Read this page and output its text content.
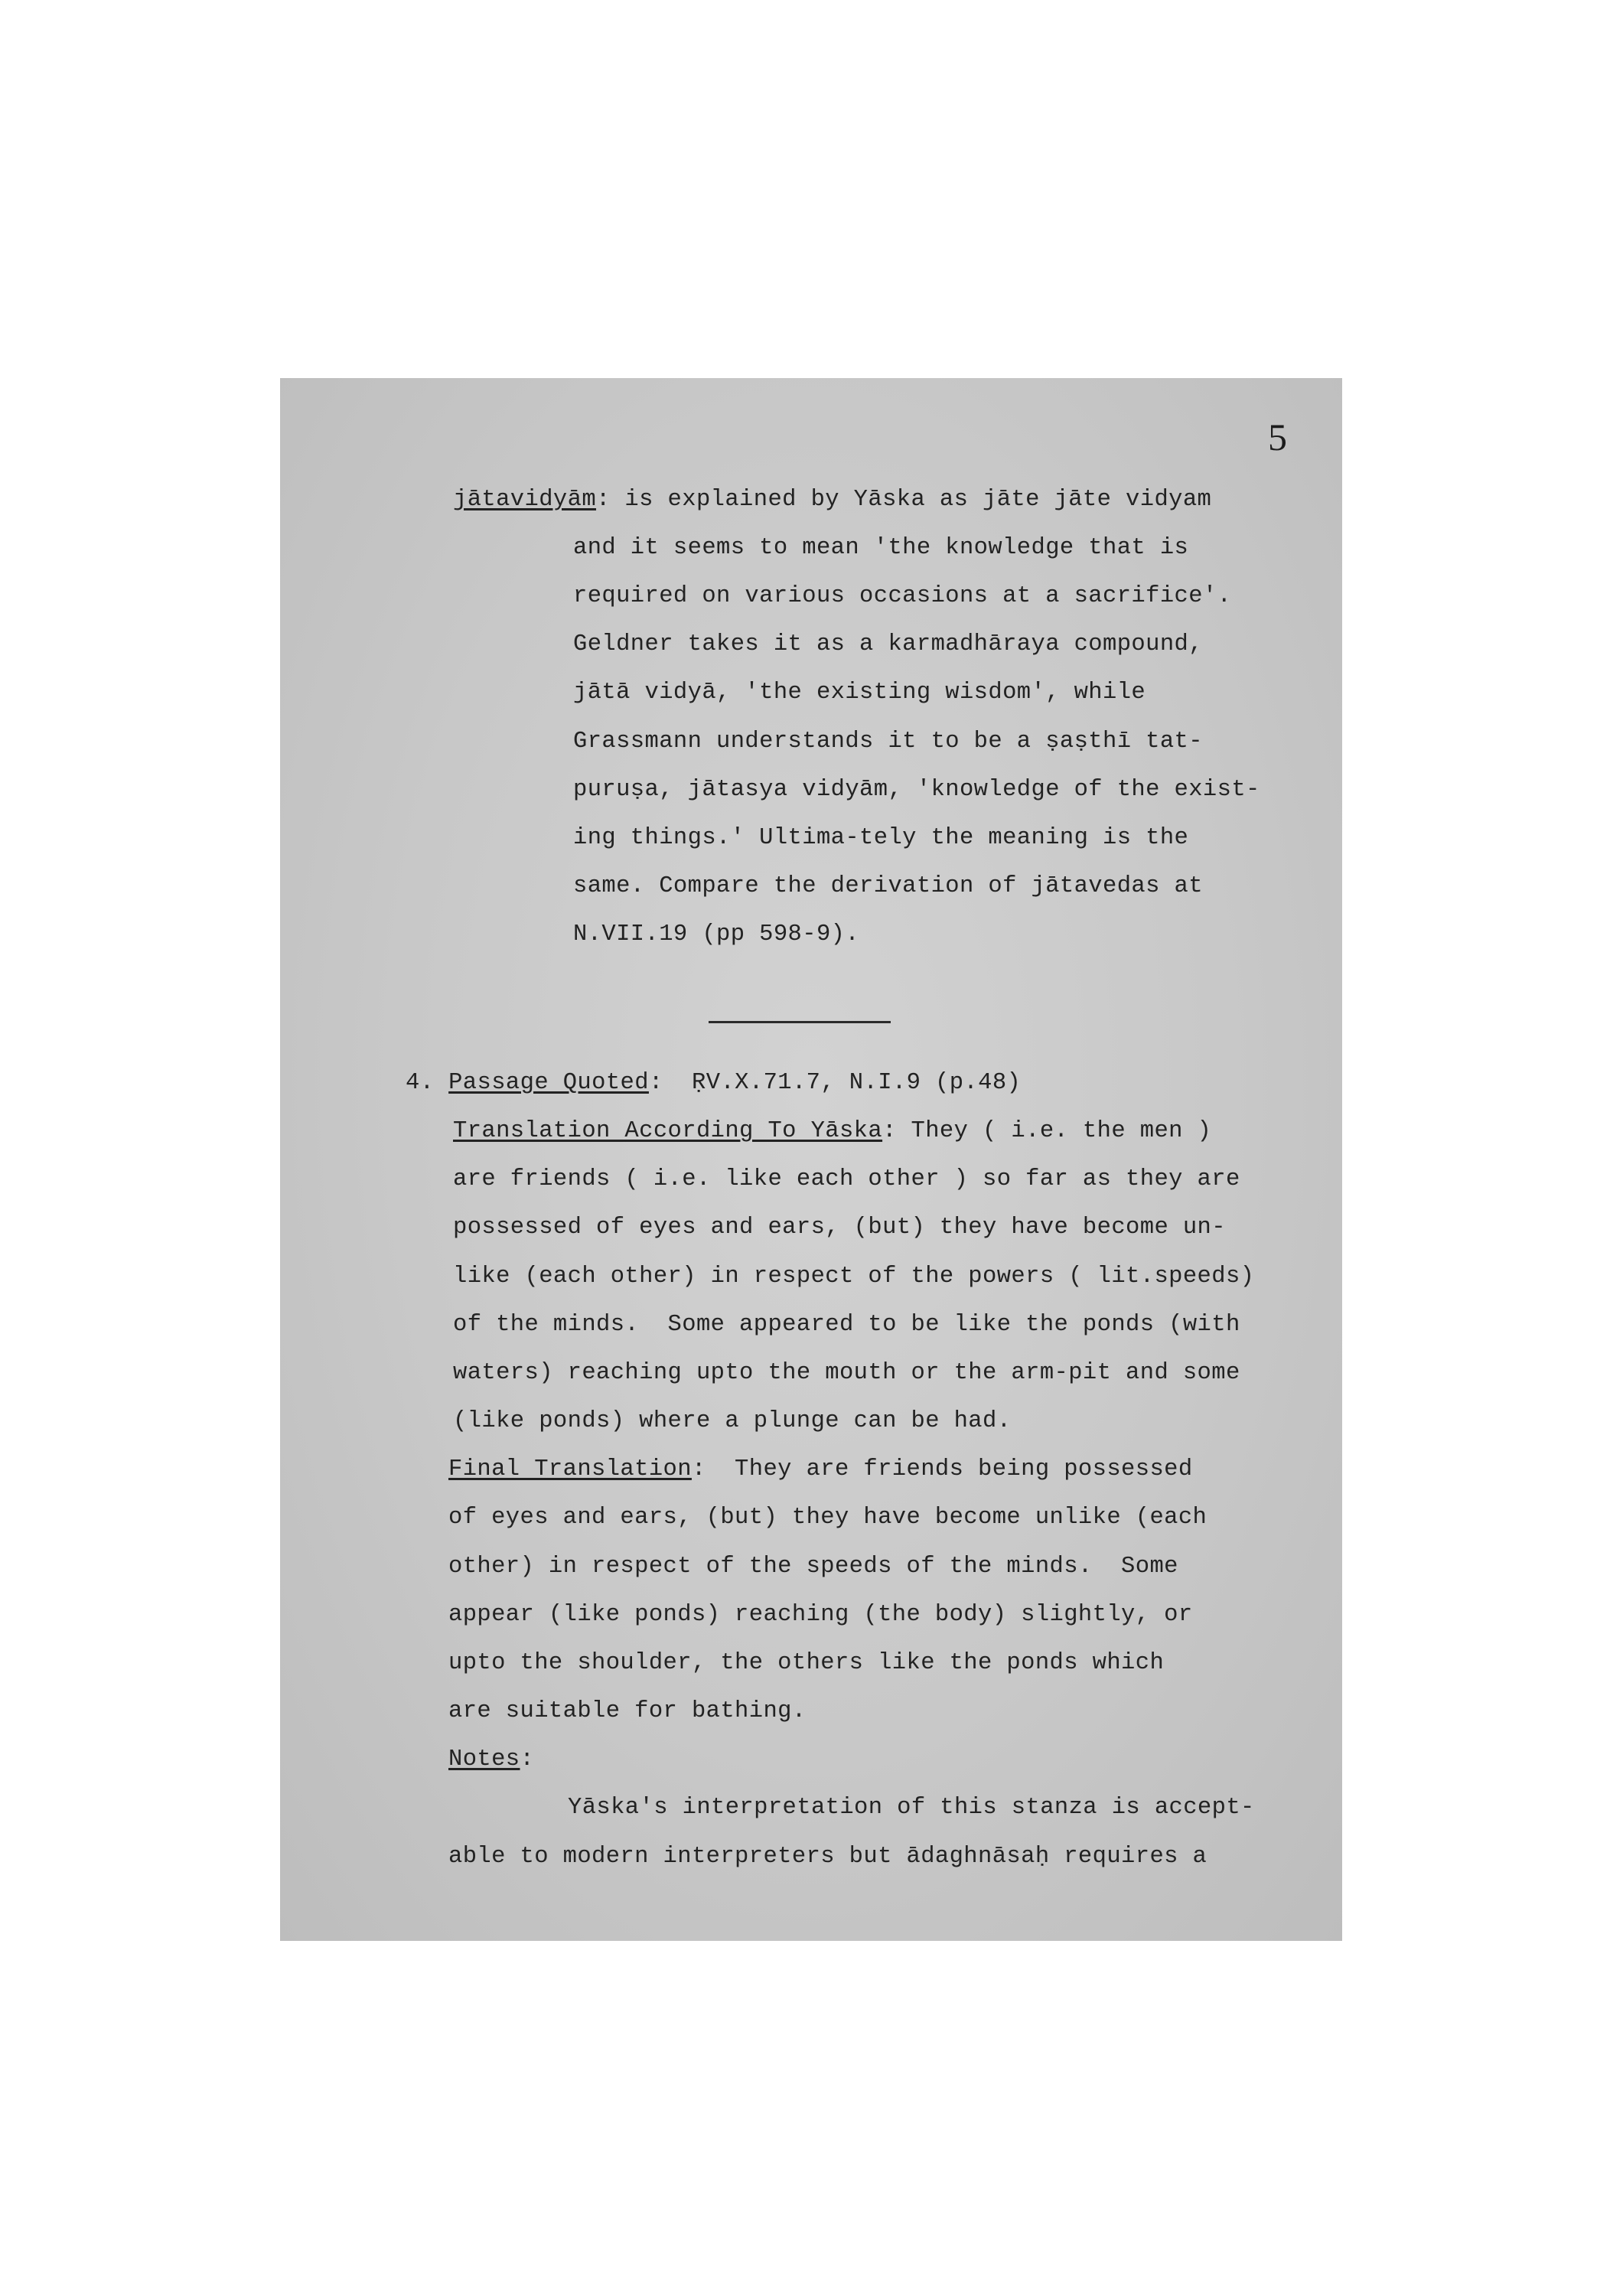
5
jātavidyām: is explained by Yāska as jāte jāte vidyam
and it seems to mean 'the knowledge that is
required on various occasions at a sacrifice'.
Geldner takes it as a karmadhāraya compound,
jātā vidyā, 'the existing wisdom', while
Grassmann understands it to be a ṣaṣthī tat-
puruṣa, jātasya vidyām, 'knowledge of the exist-
ing things.' Ultima-tely the meaning is the
same. Compare the derivation of jātavedas at
N.VII.19 (pp 598-9).
4. Passage Quoted:  ṚV.X.71.7, N.I.9 (p.48)
Translation According To Yāska: They ( i.e. the men )
are friends ( i.e. like each other ) so far as they are
possessed of eyes and ears, (but) they have become un-
like (each other) in respect of the powers ( lit.speeds)
of the minds.  Some appeared to be like the ponds (with
waters) reaching upto the mouth or the arm-pit and some
(like ponds) where a plunge can be had.
Final Translation:  They are friends being possessed
of eyes and ears, (but) they have become unlike (each
other) in respect of the speeds of the minds.  Some
appear (like ponds) reaching (the body) slightly, or
upto the shoulder, the others like the ponds which
are suitable for bathing.
Notes:
Yāska's interpretation of this stanza is accept-
able to modern interpreters but ādaghnāsaḥ requires a
